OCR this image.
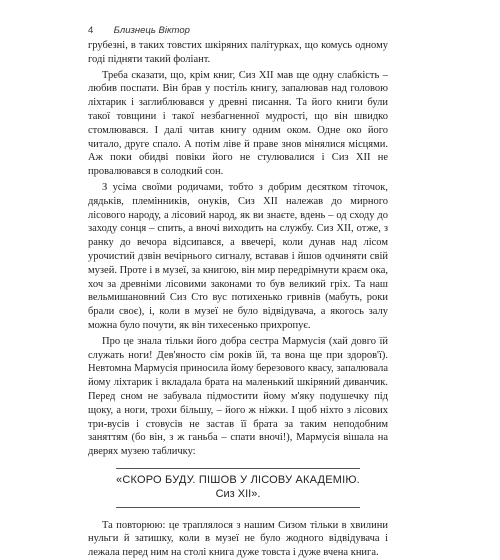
4 Близнець Віктор

грубезні, в таких товстих шкіряних палітурках, що комусь одному годі підняти такий фоліант.

Треба сказати, що, крім книг, Сиз XII мав ще одну слабкість – любив поспати. Він брав у постіль книгу, запалював над головою ліхтарик і заглиблювався у древні писання. Та його книги були такої товщини і такої незбагненної мудрості, що він швидко стомлювався. І далі читав книгу одним оком. Одне око його читало, друге спало. А потім ліве й праве знов мінялися місцями. Аж поки обидві повіки його не стулювалися і Сиз XII не провалювався в солодкий сон.

З усіма своїми родичами, тобто з добрим десятком тіточок, дядьків, племінників, онуків, Сиз XII належав до мирного лісового народу, а лісовий народ, як ви знаєте, вдень – од сходу до заходу сонця – спить, а вночі виходить на службу. Сиз XII, отже, з ранку до вечора відсипався, а ввечері, коли дунав над лісом урочистий дзвін вечірнього сигналу, вставав і йшов одчиняти свій музей. Проте і в музеї, за книгою, він мир передрімнути краєм ока, хоч за древніми лісовими законами то був великий гріх. Та наш вельмишановний Сиз Сто вус потихенько гривнів (мабуть, роки брали своє), і, коли в музеї не було відвідувача, а якогось залу можна було почути, як він тихесенько прихропує.

Про це знала тільки його добра сестра Мармусія (хай довго їй служать ноги! Дев'яносто сім років їй, та вона ще при здоров'ї). Невтомна Мармусія приносила йому березового квасу, запалювала йому ліхтарик і вкладала брата на маленький шкіряний диванчик. Перед сном не забувала підмостити йому м'яку подушечку під щоку, а ноги, трохи більшу, – його ж ніжки. І щоб ніхто з лісових три-вусів і стовусів не застав її брата за таким неподобним заняттям (бо він, з ж ганьба – спати вночі!), Мармусія вішала на дверях музею табличку:

«СКОРО БУДУ. ПІШОВ У ЛІСОВУ АКАДЕМІЮ.
Сиз XII».

Та повторюю: це траплялося з нашим Сизом тільки в хвилини нульги й затишку, коли в музеї не було жодного відвідувача і лежала перед ним на столі книга дуже товста і дуже вчена книга.
